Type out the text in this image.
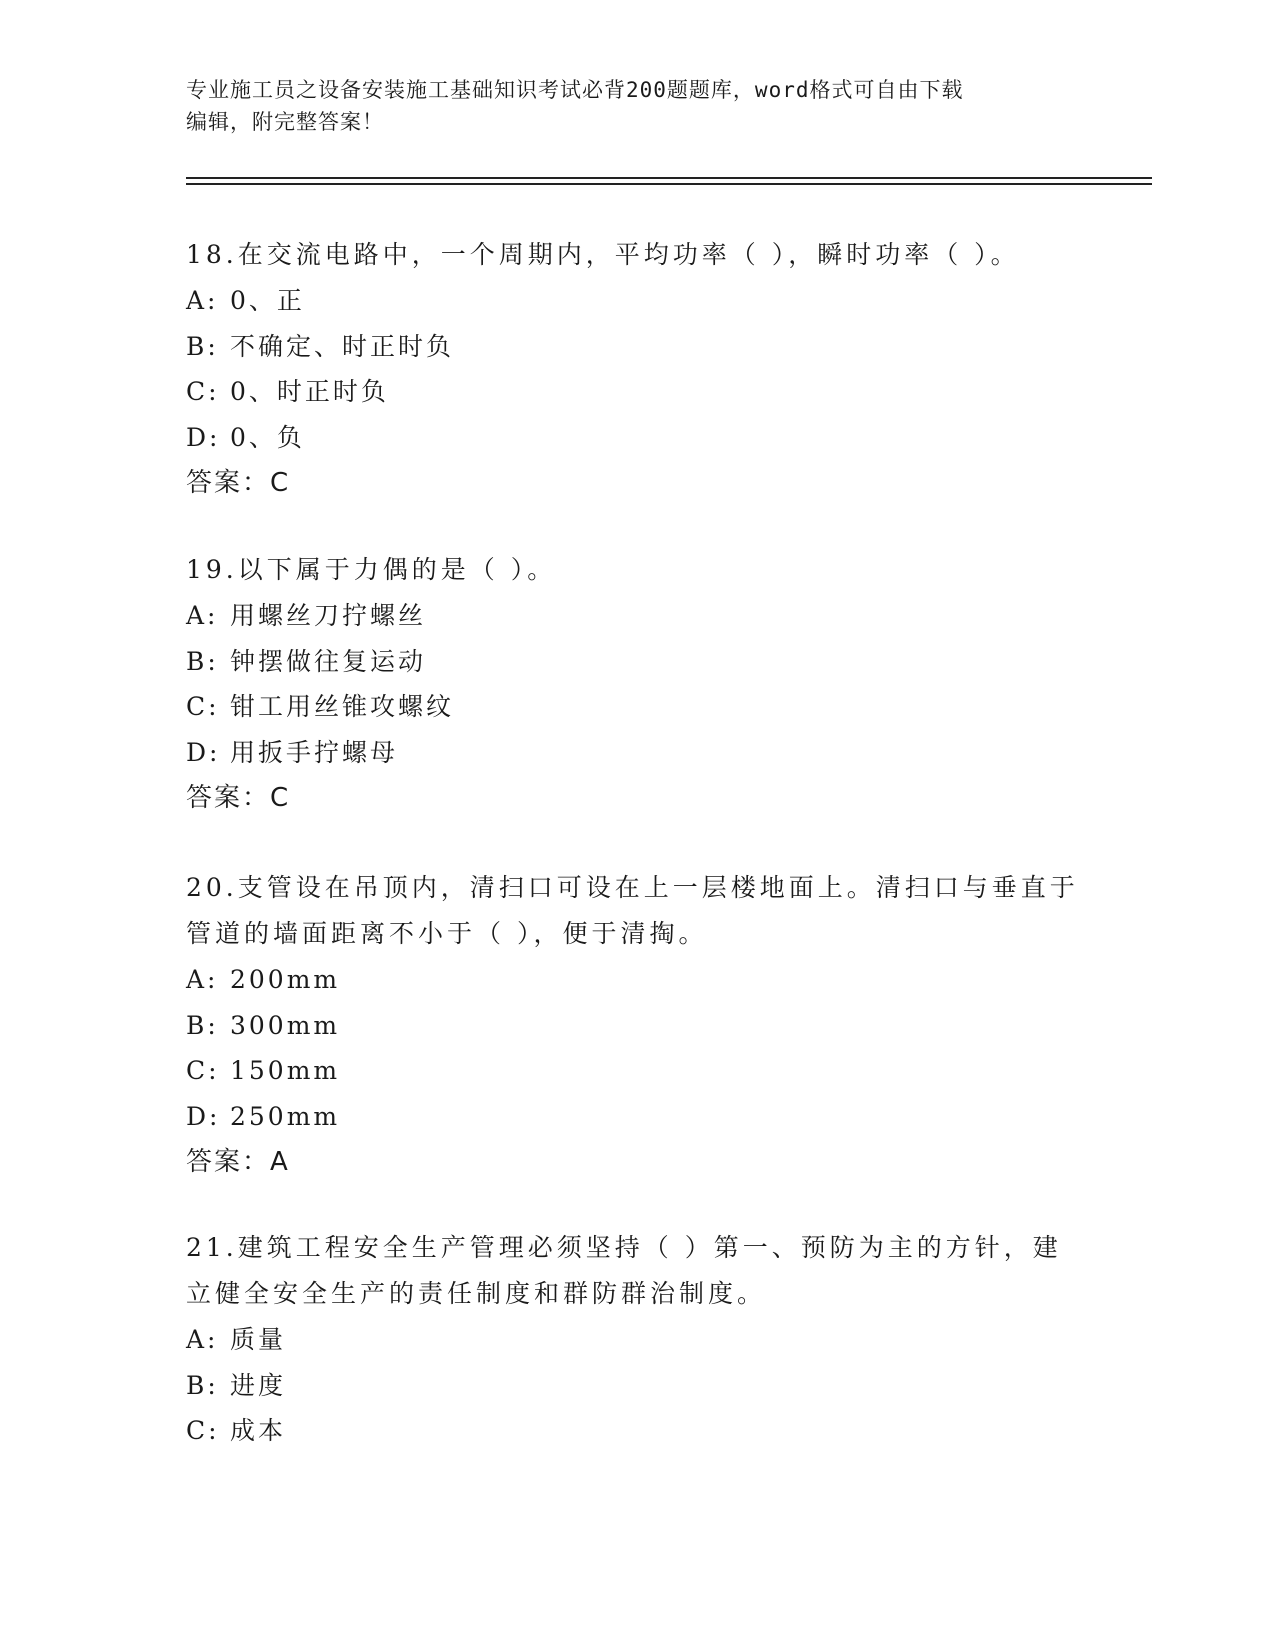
专业施工员之设备安装施工基础知识考试必背200题题库，word格式可自由下载
编辑，附完整答案！
18.在交流电路中，一个周期内，平均功率（ ），瞬时功率（ ）。
A: 0、正
B: 不确定、时正时负
C: 0、时正时负
D: 0、负
答案：C
19.以下属于力偶的是（ ）。
A: 用螺丝刀拧螺丝
B: 钟摆做往复运动
C: 钳工用丝锥攻螺纹
D: 用扳手拧螺母
答案：C
20.支管设在吊顶内，清扫口可设在上一层楼地面上。清扫口与垂直于
管道的墙面距离不小于（ ），便于清掏。
A: 200mm
B: 300mm
C: 150mm
D: 250mm
答案：A
21.建筑工程安全生产管理必须坚持（ ）第一、预防为主的方针，建
立健全安全生产的责任制度和群防群治制度。
A: 质量
B: 进度
C: 成本
